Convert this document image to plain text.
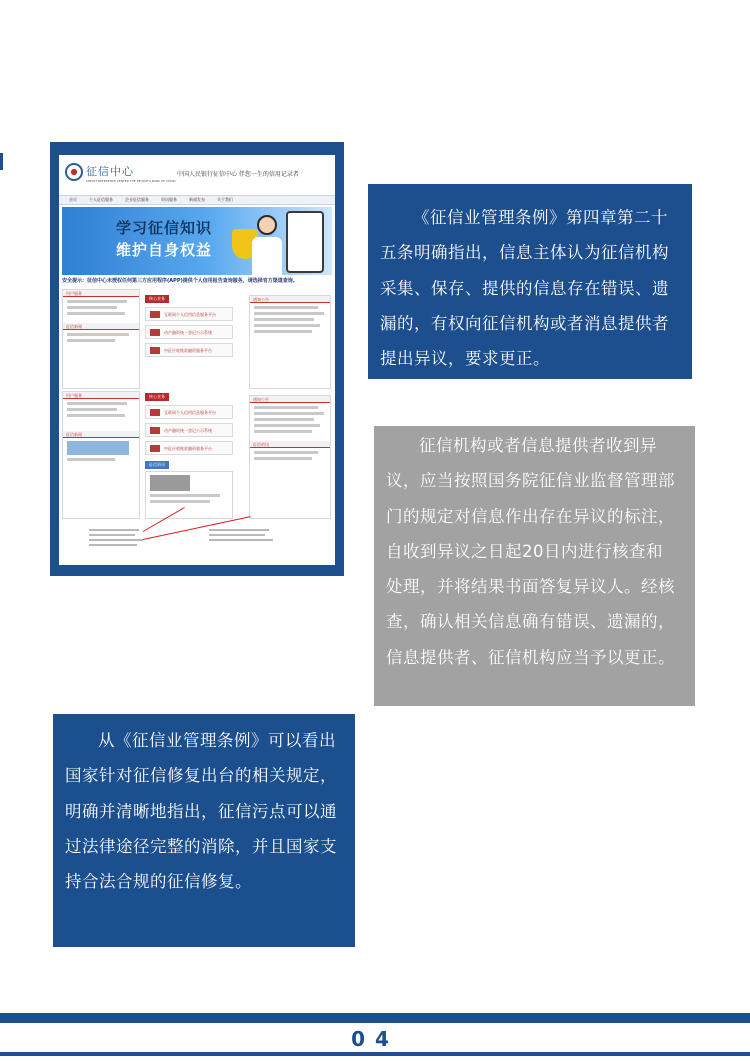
征信中心
CREDIT REFERENCE CENTER THE PEOPLE'S BANK OF CHINA
中国人民银行征信中心 伴您一生的信用记录者
首页	个人征信服务	企业征信服务	资讯服务	新闻发布	关于我们
学习征信知识
维护自身权益
安全提示：征信中心未授权任何第三方应用程序(APP)提供个人信用报告查询服务，请选择官方渠道查询。
用户服务
征信新闻
核心业务
互联网个人信用信息服务平台
动产融资统一登记公示系统
中征应收账款融资服务平台
通知公告
用户服务
征信新闻
核心业务
互联网个人信用信息服务平台
动产融资统一登记公示系统
中征应收账款融资服务平台
征信资讯
通知公告
征信资讯

《征信业管理条例》第四章第二十五条明确指出，信息主体认为征信机构采集、保存、提供的信息存在错误、遗漏的，有权向征信机构或者消息提供者提出异议，要求更正。

征信机构或者信息提供者收到异议，应当按照国务院征信业监督管理部门的规定对信息作出存在异议的标注，自收到异议之日起20日内进行核查和处理，并将结果书面答复异议人。经核查，确认相关信息确有错误、遗漏的，信息提供者、征信机构应当予以更正。

从《征信业管理条例》可以看出国家针对征信修复出台的相关规定，明确并清晰地指出，征信污点可以通过法律途径完整的消除，并且国家支持合法合规的征信修复。

04
